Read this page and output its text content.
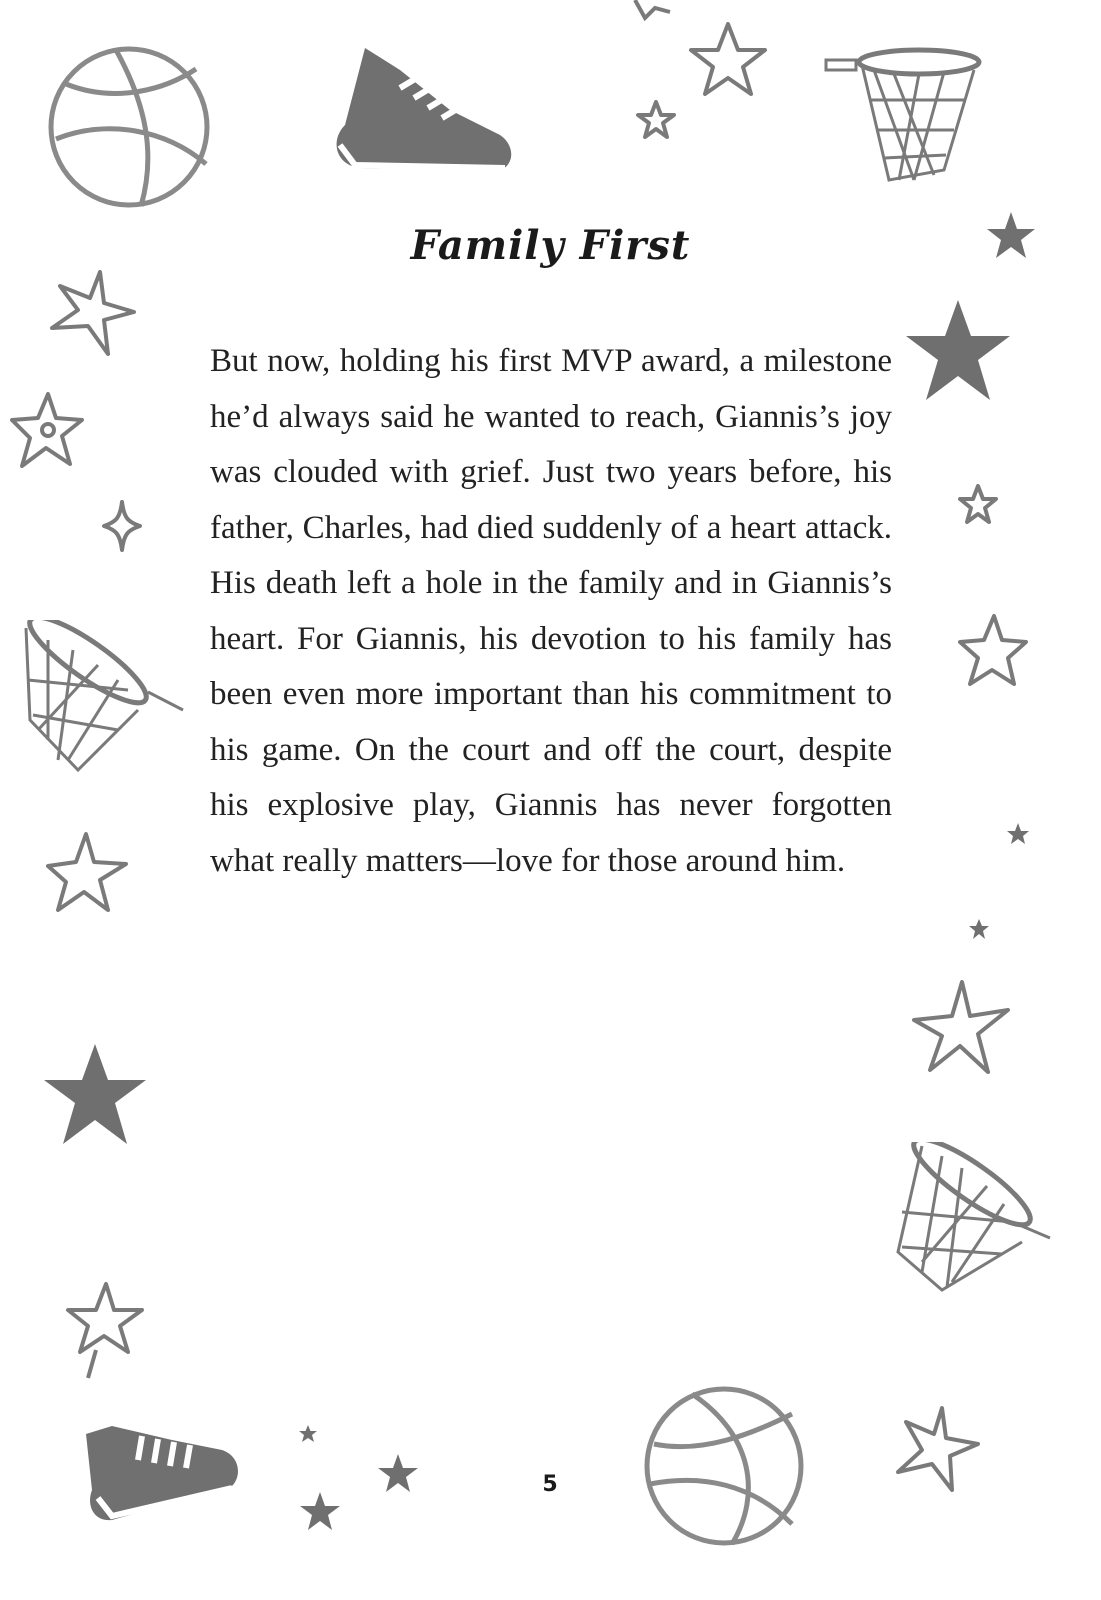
Family First

But now, holding his first MVP award, a milestone he’d always said he wanted to reach, Giannis’s joy was clouded with grief. Just two years before, his father, Charles, had died suddenly of a heart attack. His death left a hole in the family and in Giannis’s heart. For Giannis, his devotion to his family has been even more important than his commitment to his game. On the court and off the court, despite his explosive play, Giannis has never forgotten what really matters—love for those around him.

5
